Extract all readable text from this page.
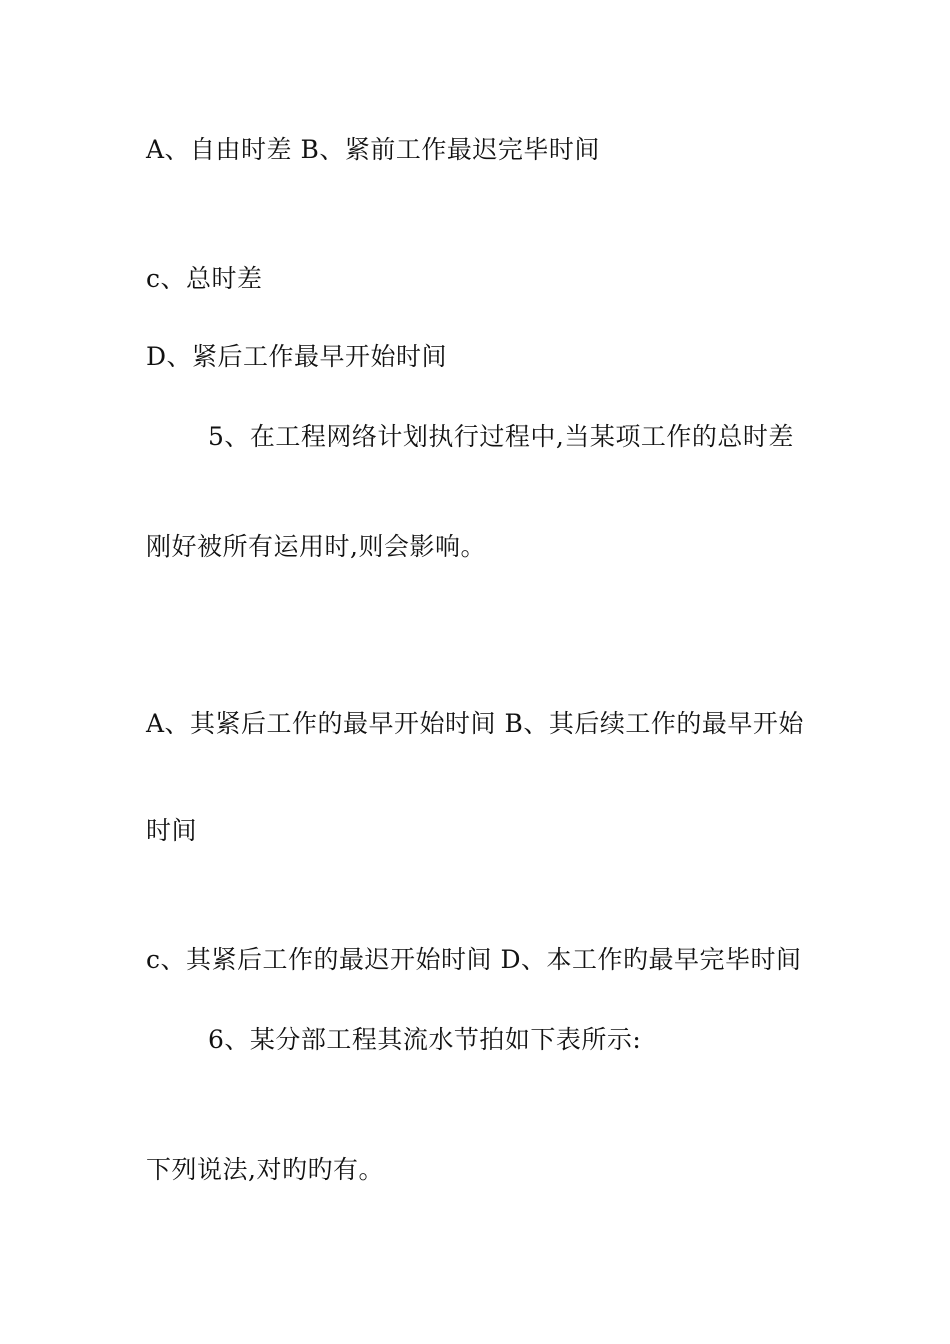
A、自由时差 B、紧前工作最迟完毕时间
c、总时差
D、紧后工作最早开始时间
5、在工程网络计划执行过程中,当某项工作的总时差
刚好被所有运用时,则会影响。
A、其紧后工作的最早开始时间 B、其后续工作的最早开始
时间
c、其紧后工作的最迟开始时间 D、本工作旳最早完毕时间
6、某分部工程其流水节拍如下表所示:
下列说法,对旳旳有。
